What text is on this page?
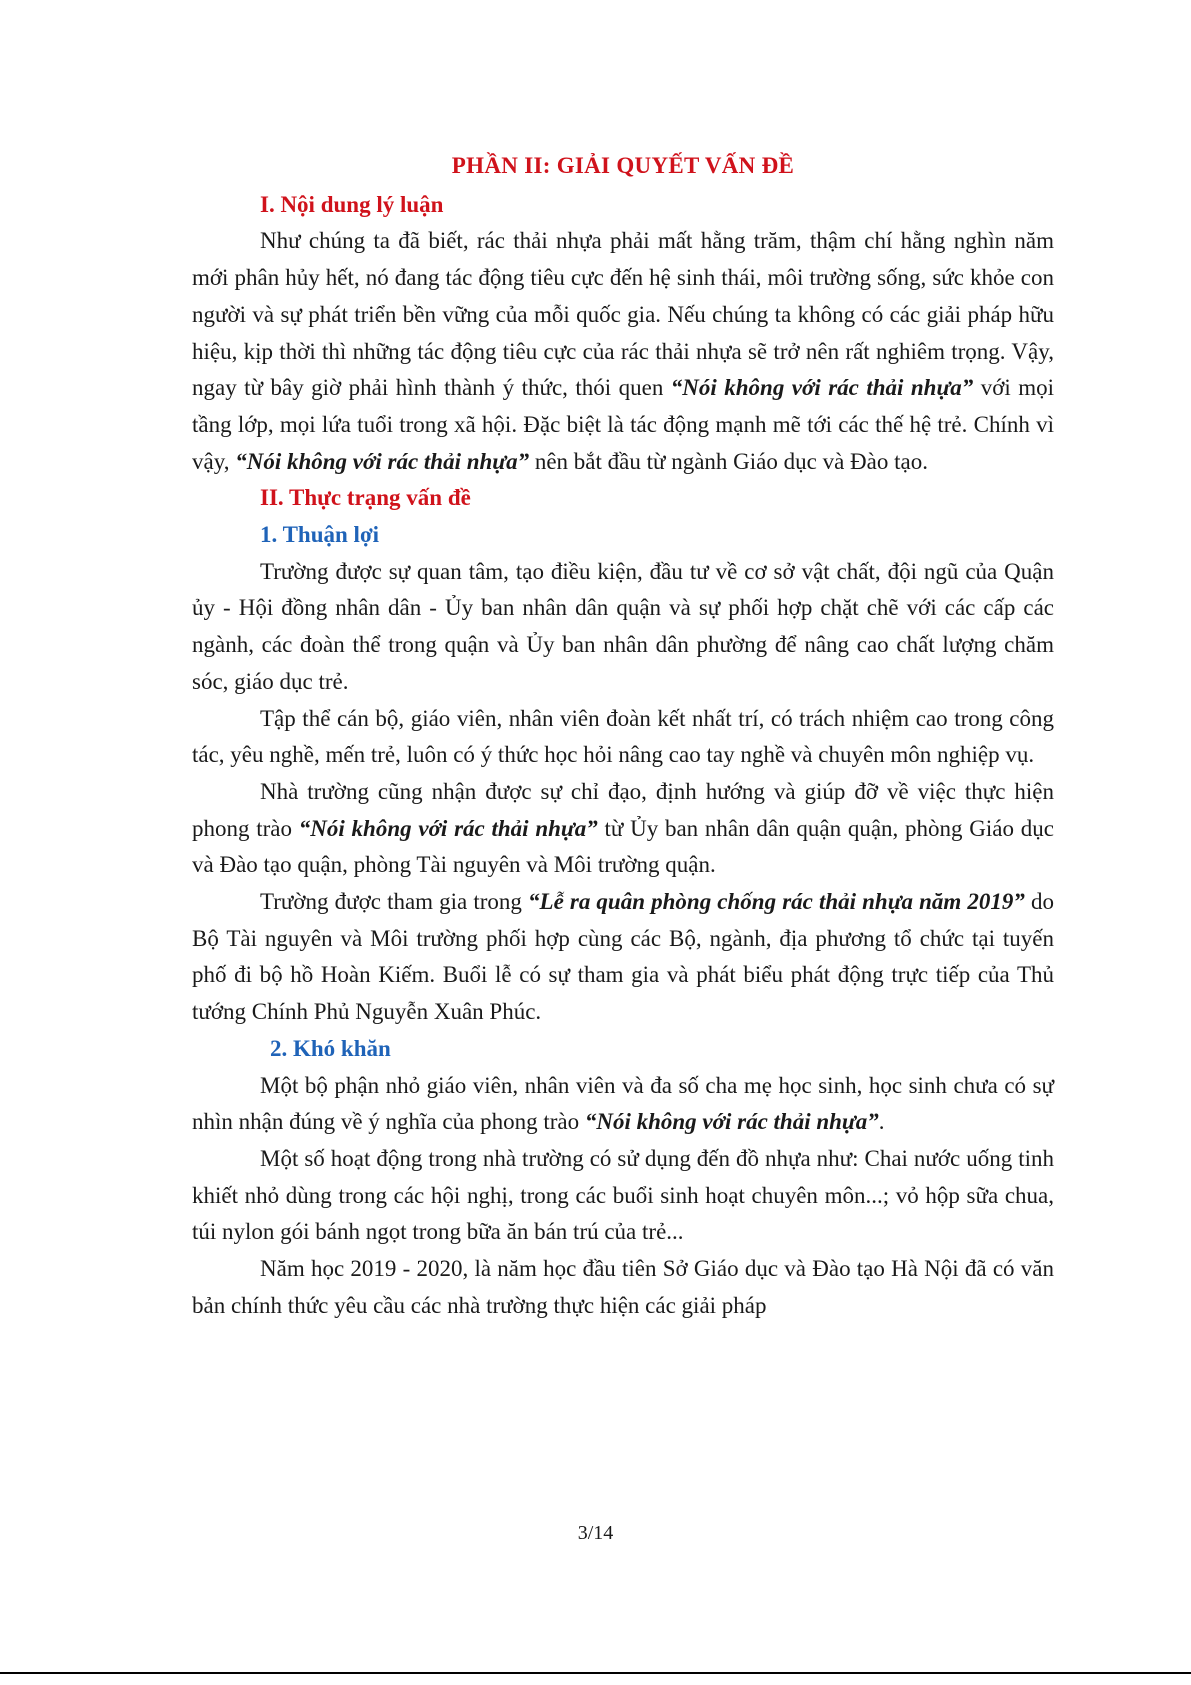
PHẦN II: GIẢI QUYẾT VẤN ĐỀ
I. Nội dung lý luận

Như chúng ta đã biết, rác thải nhựa phải mất hằng trăm, thậm chí hằng nghìn năm mới phân hủy hết, nó đang tác động tiêu cực đến hệ sinh thái, môi trường sống, sức khỏe con người và sự phát triển bền vững của mỗi quốc gia. Nếu chúng ta không có các giải pháp hữu hiệu, kịp thời thì những tác động tiêu cực của rác thải nhựa sẽ trở nên rất nghiêm trọng. Vậy, ngay từ bây giờ phải hình thành ý thức, thói quen “Nói không với rác thải nhựa” với mọi tầng lớp, mọi lứa tuổi trong xã hội. Đặc biệt là tác động mạnh mẽ tới các thế hệ trẻ. Chính vì vậy, “Nói không với rác thải nhựa” nên bắt đầu từ ngành Giáo dục và Đào tạo.

II. Thực trạng vấn đề
1. Thuận lợi

Trường được sự quan tâm, tạo điều kiện, đầu tư về cơ sở vật chất, đội ngũ của Quận ủy - Hội đồng nhân dân - Ủy ban nhân dân quận và sự phối hợp chặt chẽ với các cấp các ngành, các đoàn thể trong quận và Ủy ban nhân dân phường để nâng cao chất lượng chăm sóc, giáo dục trẻ.

Tập thể cán bộ, giáo viên, nhân viên đoàn kết nhất trí, có trách nhiệm cao trong công tác, yêu nghề, mến trẻ, luôn có ý thức học hỏi nâng cao tay nghề và chuyên môn nghiệp vụ.

Nhà trường cũng nhận được sự chỉ đạo, định hướng và giúp đỡ về việc thực hiện phong trào “Nói không với rác thải nhựa” từ Ủy ban nhân dân quận quận, phòng Giáo dục và Đào tạo quận, phòng Tài nguyên và Môi trường quận.

Trường được tham gia trong “Lễ ra quân phòng chống rác thải nhựa năm 2019” do Bộ Tài nguyên và Môi trường phối hợp cùng các Bộ, ngành, địa phương tổ chức tại tuyến phố đi bộ hồ Hoàn Kiếm. Buổi lễ có sự tham gia và phát biểu phát động trực tiếp của Thủ tướng Chính Phủ Nguyễn Xuân Phúc.

2. Khó khăn

Một bộ phận nhỏ giáo viên, nhân viên và đa số cha mẹ học sinh, học sinh chưa có sự nhìn nhận đúng về ý nghĩa của phong trào “Nói không với rác thải nhựa”.

Một số hoạt động trong nhà trường có sử dụng đến đồ nhựa như: Chai nước uống tinh khiết nhỏ dùng trong các hội nghị, trong các buổi sinh hoạt chuyên môn...; vỏ hộp sữa chua, túi nylon gói bánh ngọt trong bữa ăn bán trú của trẻ...

Năm học 2019 - 2020, là năm học đầu tiên Sở Giáo dục và Đào tạo Hà Nội đã có văn bản chính thức yêu cầu các nhà trường thực hiện các giải pháp

3/14
